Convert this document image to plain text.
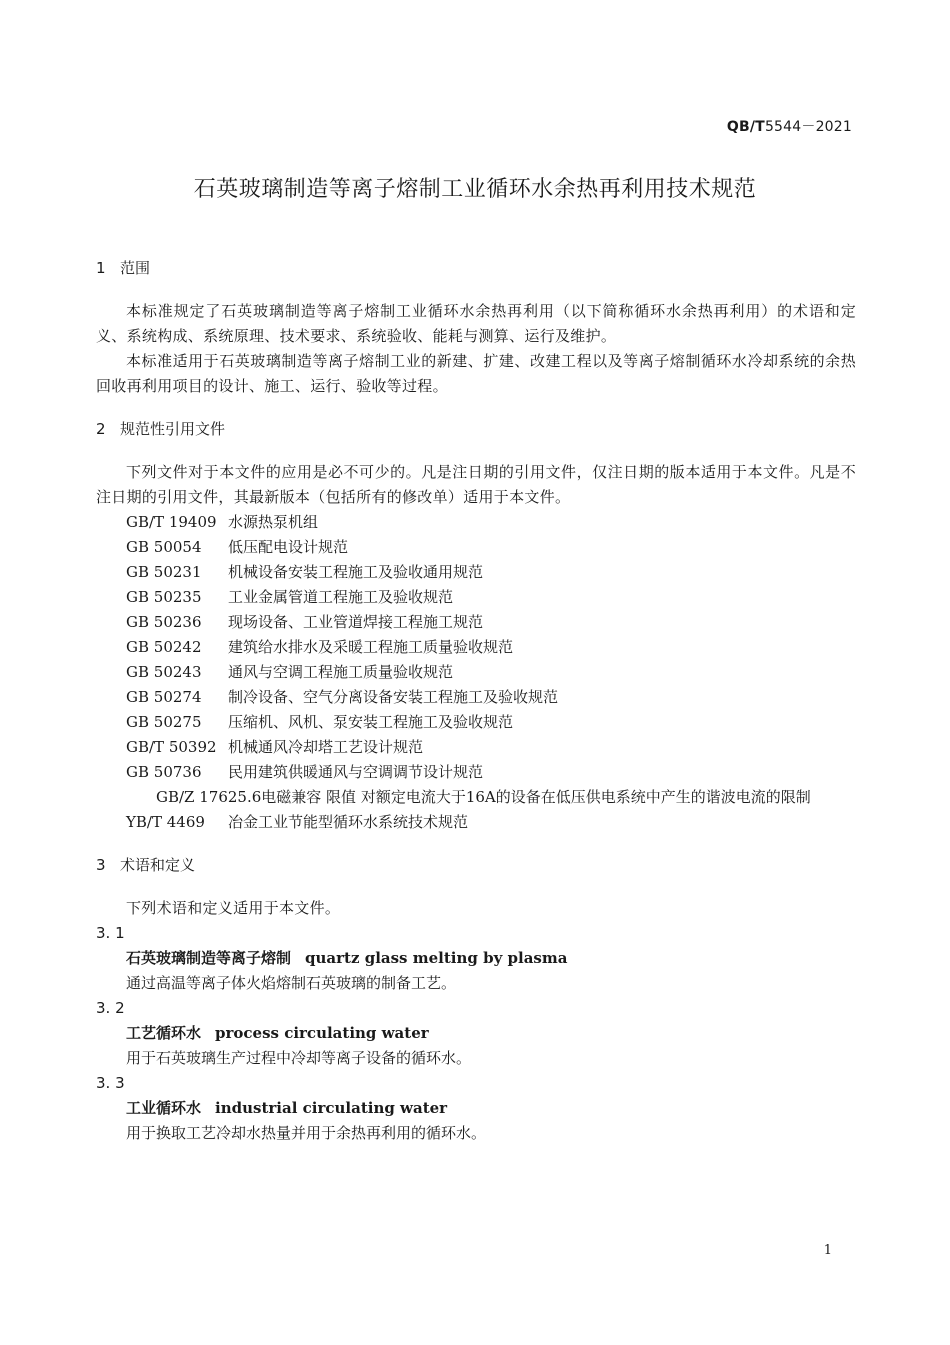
QB/T5544－2021
石英玻璃制造等离子熔制工业循环水余热再利用技术规范

1 范围

本标准规定了石英玻璃制造等离子熔制工业循环水余热再利用（以下简称循环水余热再利用）的术语和定义、系统构成、系统原理、技术要求、系统验收、能耗与测算、运行及维护。

本标准适用于石英玻璃制造等离子熔制工业的新建、扩建、改建工程以及等离子熔制循环水冷却系统的余热回收再利用项目的设计、施工、运行、验收等过程。

2 规范性引用文件

下列文件对于本文件的应用是必不可少的。凡是注日期的引用文件，仅注日期的版本适用于本文件。凡是不注日期的引用文件，其最新版本（包括所有的修改单）适用于本文件。

GB/T 19409 水源热泵机组
GB 50054 低压配电设计规范
GB 50231 机械设备安装工程施工及验收通用规范
GB 50235 工业金属管道工程施工及验收规范
GB 50236 现场设备、工业管道焊接工程施工规范
GB 50242 建筑给水排水及采暖工程施工质量验收规范
GB 50243 通风与空调工程施工质量验收规范
GB 50274 制冷设备、空气分离设备安装工程施工及验收规范
GB 50275 压缩机、风机、泵安装工程施工及验收规范
GB/T 50392 机械通风冷却塔工艺设计规范
GB 50736 民用建筑供暖通风与空调调节设计规范
GB/Z 17625.6电磁兼容 限值 对额定电流大于16A的设备在低压供电系统中产生的谐波电流的限制
YB/T 4469 冶金工业节能型循环水系统技术规范

3 术语和定义

下列术语和定义适用于本文件。

3. 1

石英玻璃制造等离子熔制 quartz glass melting by plasma

通过高温等离子体火焰熔制石英玻璃的制备工艺。

3. 2

工艺循环水 process circulating water

用于石英玻璃生产过程中冷却等离子设备的循环水。

3. 3

工业循环水 industrial circulating water

用于换取工艺冷却水热量并用于余热再利用的循环水。

1
